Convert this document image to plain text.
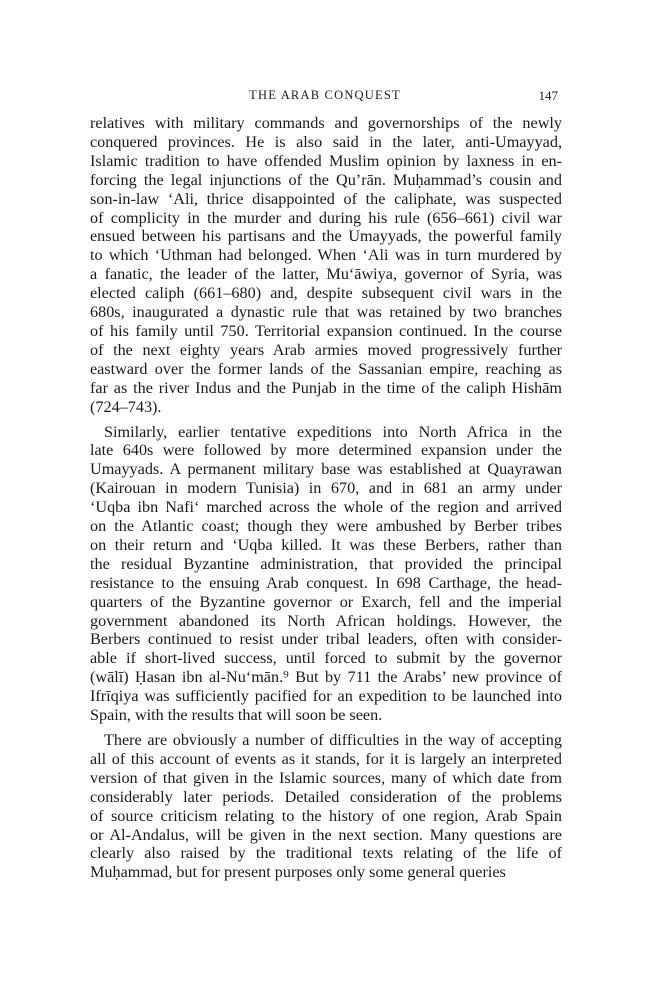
THE ARAB CONQUEST	147
relatives with military commands and governorships of the newly
conquered provinces. He is also said in the later, anti-Umayyad,
Islamic tradition to have offended Muslim opinion by laxness in en-
forcing the legal injunctions of the Qu’rān. Muḥammad’s cousin and
son-in-law ‘Ali, thrice disappointed of the caliphate, was suspected
of complicity in the murder and during his rule (656–661) civil war
ensued between his partisans and the Umayyads, the powerful family
to which ‘Uthman had belonged. When ‘Ali was in turn murdered by
a fanatic, the leader of the latter, Mu‘āwiya, governor of Syria, was
elected caliph (661–680) and, despite subsequent civil wars in the
680s, inaugurated a dynastic rule that was retained by two branches
of his family until 750. Territorial expansion continued. In the course
of the next eighty years Arab armies moved progressively further
eastward over the former lands of the Sassanian empire, reaching as
far as the river Indus and the Punjab in the time of the caliph Hishām
(724–743).
Similarly, earlier tentative expeditions into North Africa in the
late 640s were followed by more determined expansion under the
Umayyads. A permanent military base was established at Quayrawan
(Kairouan in modern Tunisia) in 670, and in 681 an army under
‘Uqba ibn Nafi‘ marched across the whole of the region and arrived
on the Atlantic coast; though they were ambushed by Berber tribes
on their return and ‘Uqba killed. It was these Berbers, rather than
the residual Byzantine administration, that provided the principal
resistance to the ensuing Arab conquest. In 698 Carthage, the head-
quarters of the Byzantine governor or Exarch, fell and the imperial
government abandoned its North African holdings. However, the
Berbers continued to resist under tribal leaders, often with consider-
able if short-lived success, until forced to submit by the governor
(wālī) Ḥasan ibn al-Nu‘mān.⁹ But by 711 the Arabs’ new province of
Ifrīqiya was sufficiently pacified for an expedition to be launched into
Spain, with the results that will soon be seen.
There are obviously a number of difficulties in the way of accepting
all of this account of events as it stands, for it is largely an interpreted
version of that given in the Islamic sources, many of which date from
considerably later periods. Detailed consideration of the problems
of source criticism relating to the history of one region, Arab Spain
or Al-Andalus, will be given in the next section. Many questions are
clearly also raised by the traditional texts relating of the life of
Muḥammad, but for present purposes only some general queries
